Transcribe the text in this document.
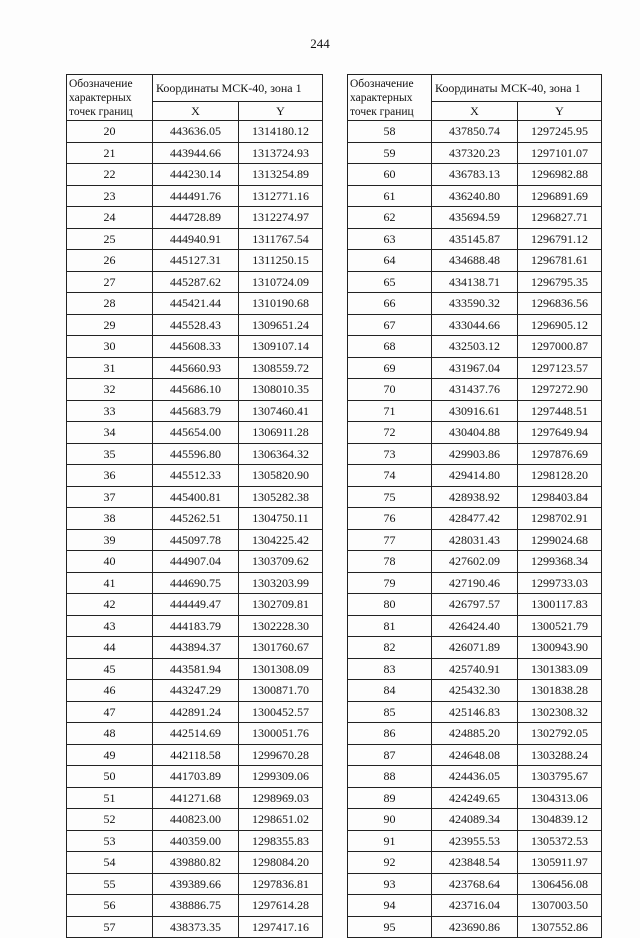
244
Обозначение характерных точек границ	Координаты МСК-40, зона 1	
	X	Y
20	443636.05	1314180.12
21	443944.66	1313724.93
22	444230.14	1313254.89
23	444491.76	1312771.16
24	444728.89	1312274.97
25	444940.91	1311767.54
26	445127.31	1311250.15
27	445287.62	1310724.09
28	445421.44	1310190.68
29	445528.43	1309651.24
30	445608.33	1309107.14
31	445660.93	1308559.72
32	445686.10	1308010.35
33	445683.79	1307460.41
34	445654.00	1306911.28
35	445596.80	1306364.32
36	445512.33	1305820.90
37	445400.81	1305282.38
38	445262.51	1304750.11
39	445097.78	1304225.42
40	444907.04	1303709.62
41	444690.75	1303203.99
42	444449.47	1302709.81
43	444183.79	1302228.30
44	443894.37	1301760.67
45	443581.94	1301308.09
46	443247.29	1300871.70
47	442891.24	1300452.57
48	442514.69	1300051.76
49	442118.58	1299670.28
50	441703.89	1299309.06
51	441271.68	1298969.03
52	440823.00	1298651.02
53	440359.00	1298355.83
54	439880.82	1298084.20
55	439389.66	1297836.81
56	438886.75	1297614.28
57	438373.35	1297417.16
Обозначение характерных точек границ	Координаты МСК-40, зона 1	
	X	Y
58	437850.74	1297245.95
59	437320.23	1297101.07
60	436783.13	1296982.88
61	436240.80	1296891.69
62	435694.59	1296827.71
63	435145.87	1296791.12
64	434688.48	1296781.61
65	434138.71	1296795.35
66	433590.32	1296836.56
67	433044.66	1296905.12
68	432503.12	1297000.87
69	431967.04	1297123.57
70	431437.76	1297272.90
71	430916.61	1297448.51
72	430404.88	1297649.94
73	429903.86	1297876.69
74	429414.80	1298128.20
75	428938.92	1298403.84
76	428477.42	1298702.91
77	428031.43	1299024.68
78	427602.09	1299368.34
79	427190.46	1299733.03
80	426797.57	1300117.83
81	426424.40	1300521.79
82	426071.89	1300943.90
83	425740.91	1301383.09
84	425432.30	1301838.28
85	425146.83	1302308.32
86	424885.20	1302792.05
87	424648.08	1303288.24
88	424436.05	1303795.67
89	424249.65	1304313.06
90	424089.34	1304839.12
91	423955.53	1305372.53
92	423848.54	1305911.97
93	423768.64	1306456.08
94	423716.04	1307003.50
95	423690.86	1307552.86
